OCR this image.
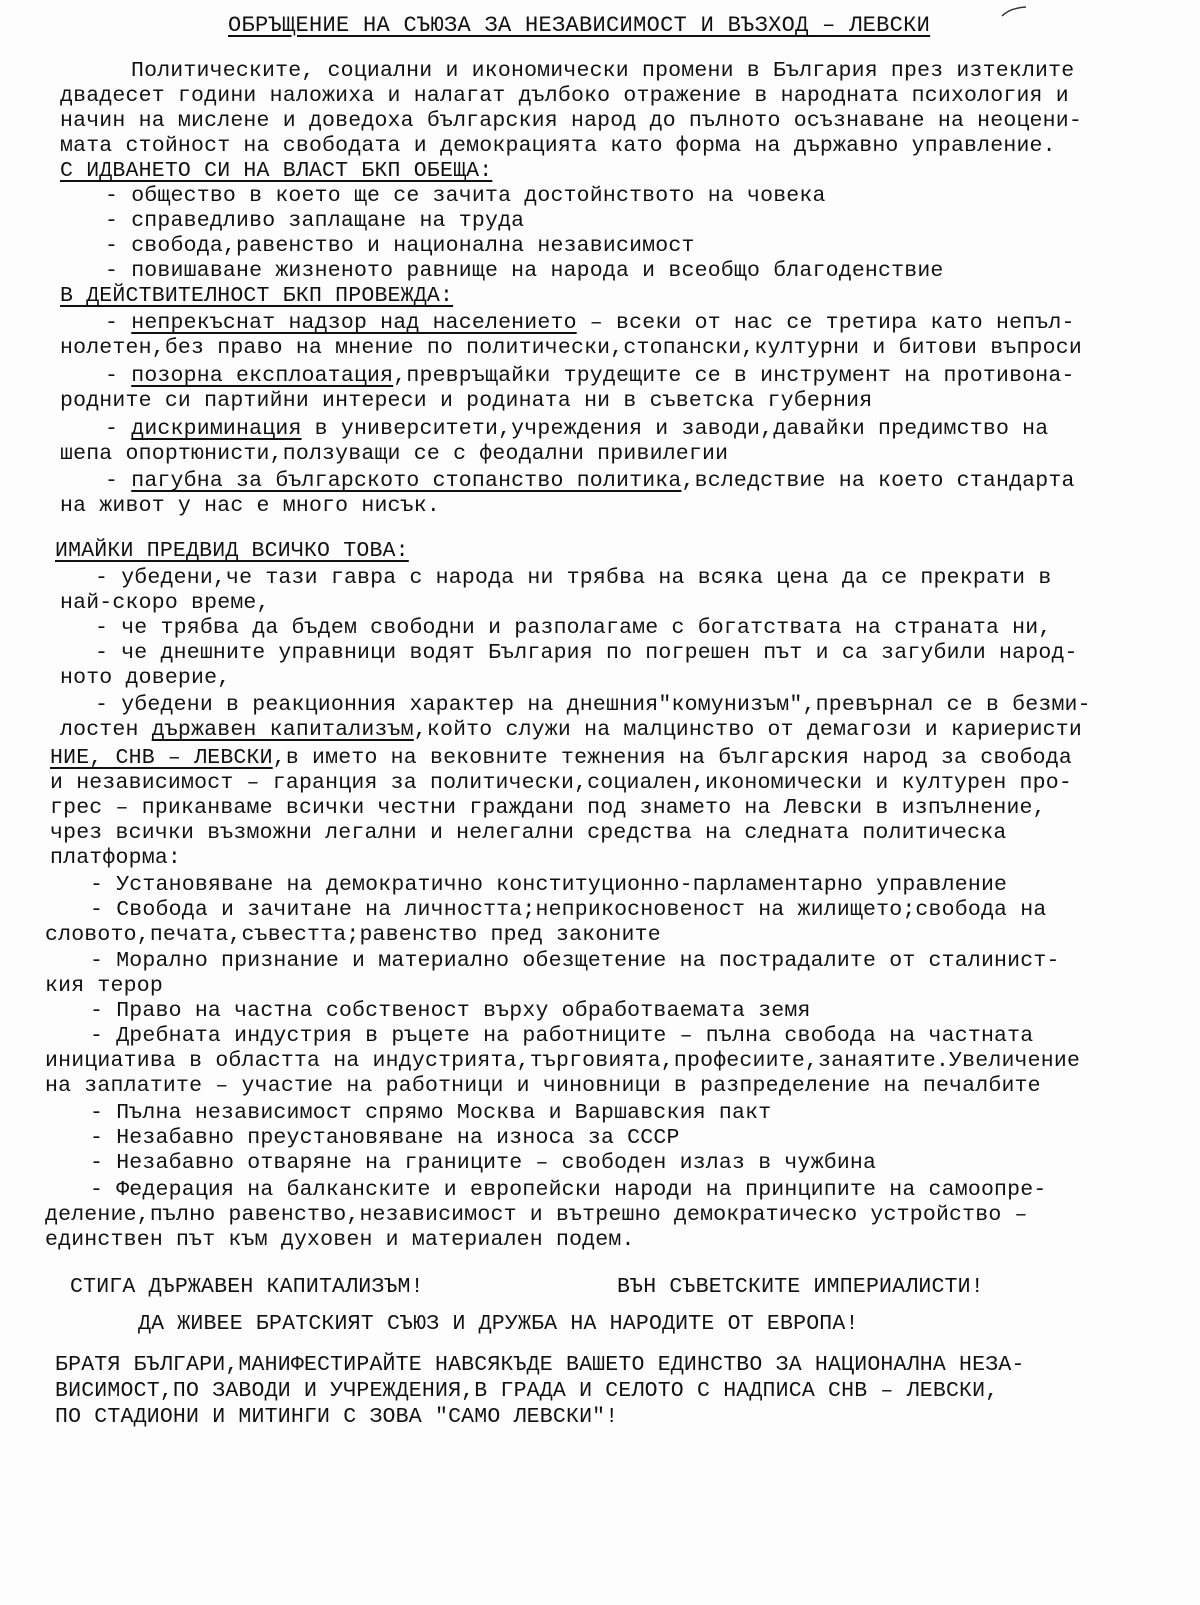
ОБРЪЩЕНИЕ НА СЪЮЗА ЗА НЕЗАВИСИМОСТ И ВЪЗХОД – ЛЕВСКИ
Политическите, социални и икономически промени в България през изтеклите
двадесет години наложиха и налагат дълбоко отражение в народната психология и
начин на мислене и доведоха българския народ до пълното осъзнаване на неоцени-
мата стойност на свободата и демокрацията като форма на държавно управление.
С ИДВАНЕТО СИ НА ВЛАСТ БКП ОБЕЩА:
- общество в което ще се зачита достойнството на човека
- справедливо заплащане на труда
- свобода,равенство и национална независимост
- повишаване жизненото равнище на народа и всеобщо благоденствие
В ДЕЙСТВИТЕЛНОСТ БКП ПРОВЕЖДА:
- непрекъснат надзор над населението – всеки от нас се третира като непъл-
нолетен,без право на мнение по политически,стопански,културни и битови въпроси
- позорна експлоатация,превръщайки трудещите се в инструмент на противона-
родните си партийни интереси и родината ни в съветска губерния
- дискриминация в университети,учреждения и заводи,давайки предимство на
шепа опортюнисти,ползуващи се с феодални привилегии
- пагубна за българското стопанство политика,вследствие на което стандарта
на живот у нас е много нисък.
ИМАЙКИ ПРЕДВИД ВСИЧКО ТОВА:
- убедени,че тази гавра с народа ни трябва на всяка цена да се прекрати в
най-скоро време,
- че трябва да бъдем свободни и разполагаме с богатствата на страната ни,
- че днешните управници водят България по погрешен път и са загубили народ-
ното доверие,
- убедени в реакционния характер на днешния"комунизъм",превърнал се в безми-
лостен държавен капитализъм,който служи на малцинство от демагози и кариеристи
НИЕ, СНВ – ЛЕВСКИ,в името на вековните тежнения на българския народ за свобода
и независимост – гаранция за политически,социален,икономически и културен про-
грес – приканваме всички честни граждани под знамето на Левски в изпълнение,
чрез всички възможни легални и нелегални средства на следната политическа
платформа:
- Установяване на демократично конституционно-парламентарно управление
- Свобода и зачитане на личността;неприкосновеност на жилището;свобода на
словото,печата,съвестта;равенство пред законите
- Морално признание и материално обезщетение на пострадалите от сталинист-
кия терор
- Право на частна собственост върху обработваемата земя
- Дребната индустрия в ръцете на работниците – пълна свобода на частната
инициатива в областта на индустрията,търговията,професиите,занаятите.Увеличение
на заплатите – участие на работници и чиновници в разпределение на печалбите
- Пълна независимост спрямо Москва и Варшавския пакт
- Незабавно преустановяване на износа за СССР
- Незабавно отваряне на границите – свободен излаз в чужбина
- Федерация на балканските и европейски народи на принципите на самоопре-
деление,пълно равенство,независимост и вътрешно демократическо устройство –
единствен път към духовен и материален подем.
СТИГА ДЪРЖАВЕН КАПИТАЛИЗЪМ!	ВЪН СЪВЕТСКИТЕ ИМПЕРИАЛИСТИ!
ДА ЖИВЕЕ БРАТСКИЯТ СЪЮЗ И ДРУЖБА НА НАРОДИТЕ ОТ ЕВРОПА!
БРАТЯ БЪЛГАРИ,МАНИФЕСТИРАЙТЕ НАВСЯКЪДЕ ВАШЕТО ЕДИНСТВО ЗА НАЦИОНАЛНА НЕЗА-
ВИСИМОСТ,ПО ЗАВОДИ И УЧРЕЖДЕНИЯ,В ГРАДА И СЕЛОТО С НАДПИСА СНВ – ЛЕВСКИ,
ПО СТАДИОНИ И МИТИНГИ С ЗОВА "САМО ЛЕВСКИ"!
